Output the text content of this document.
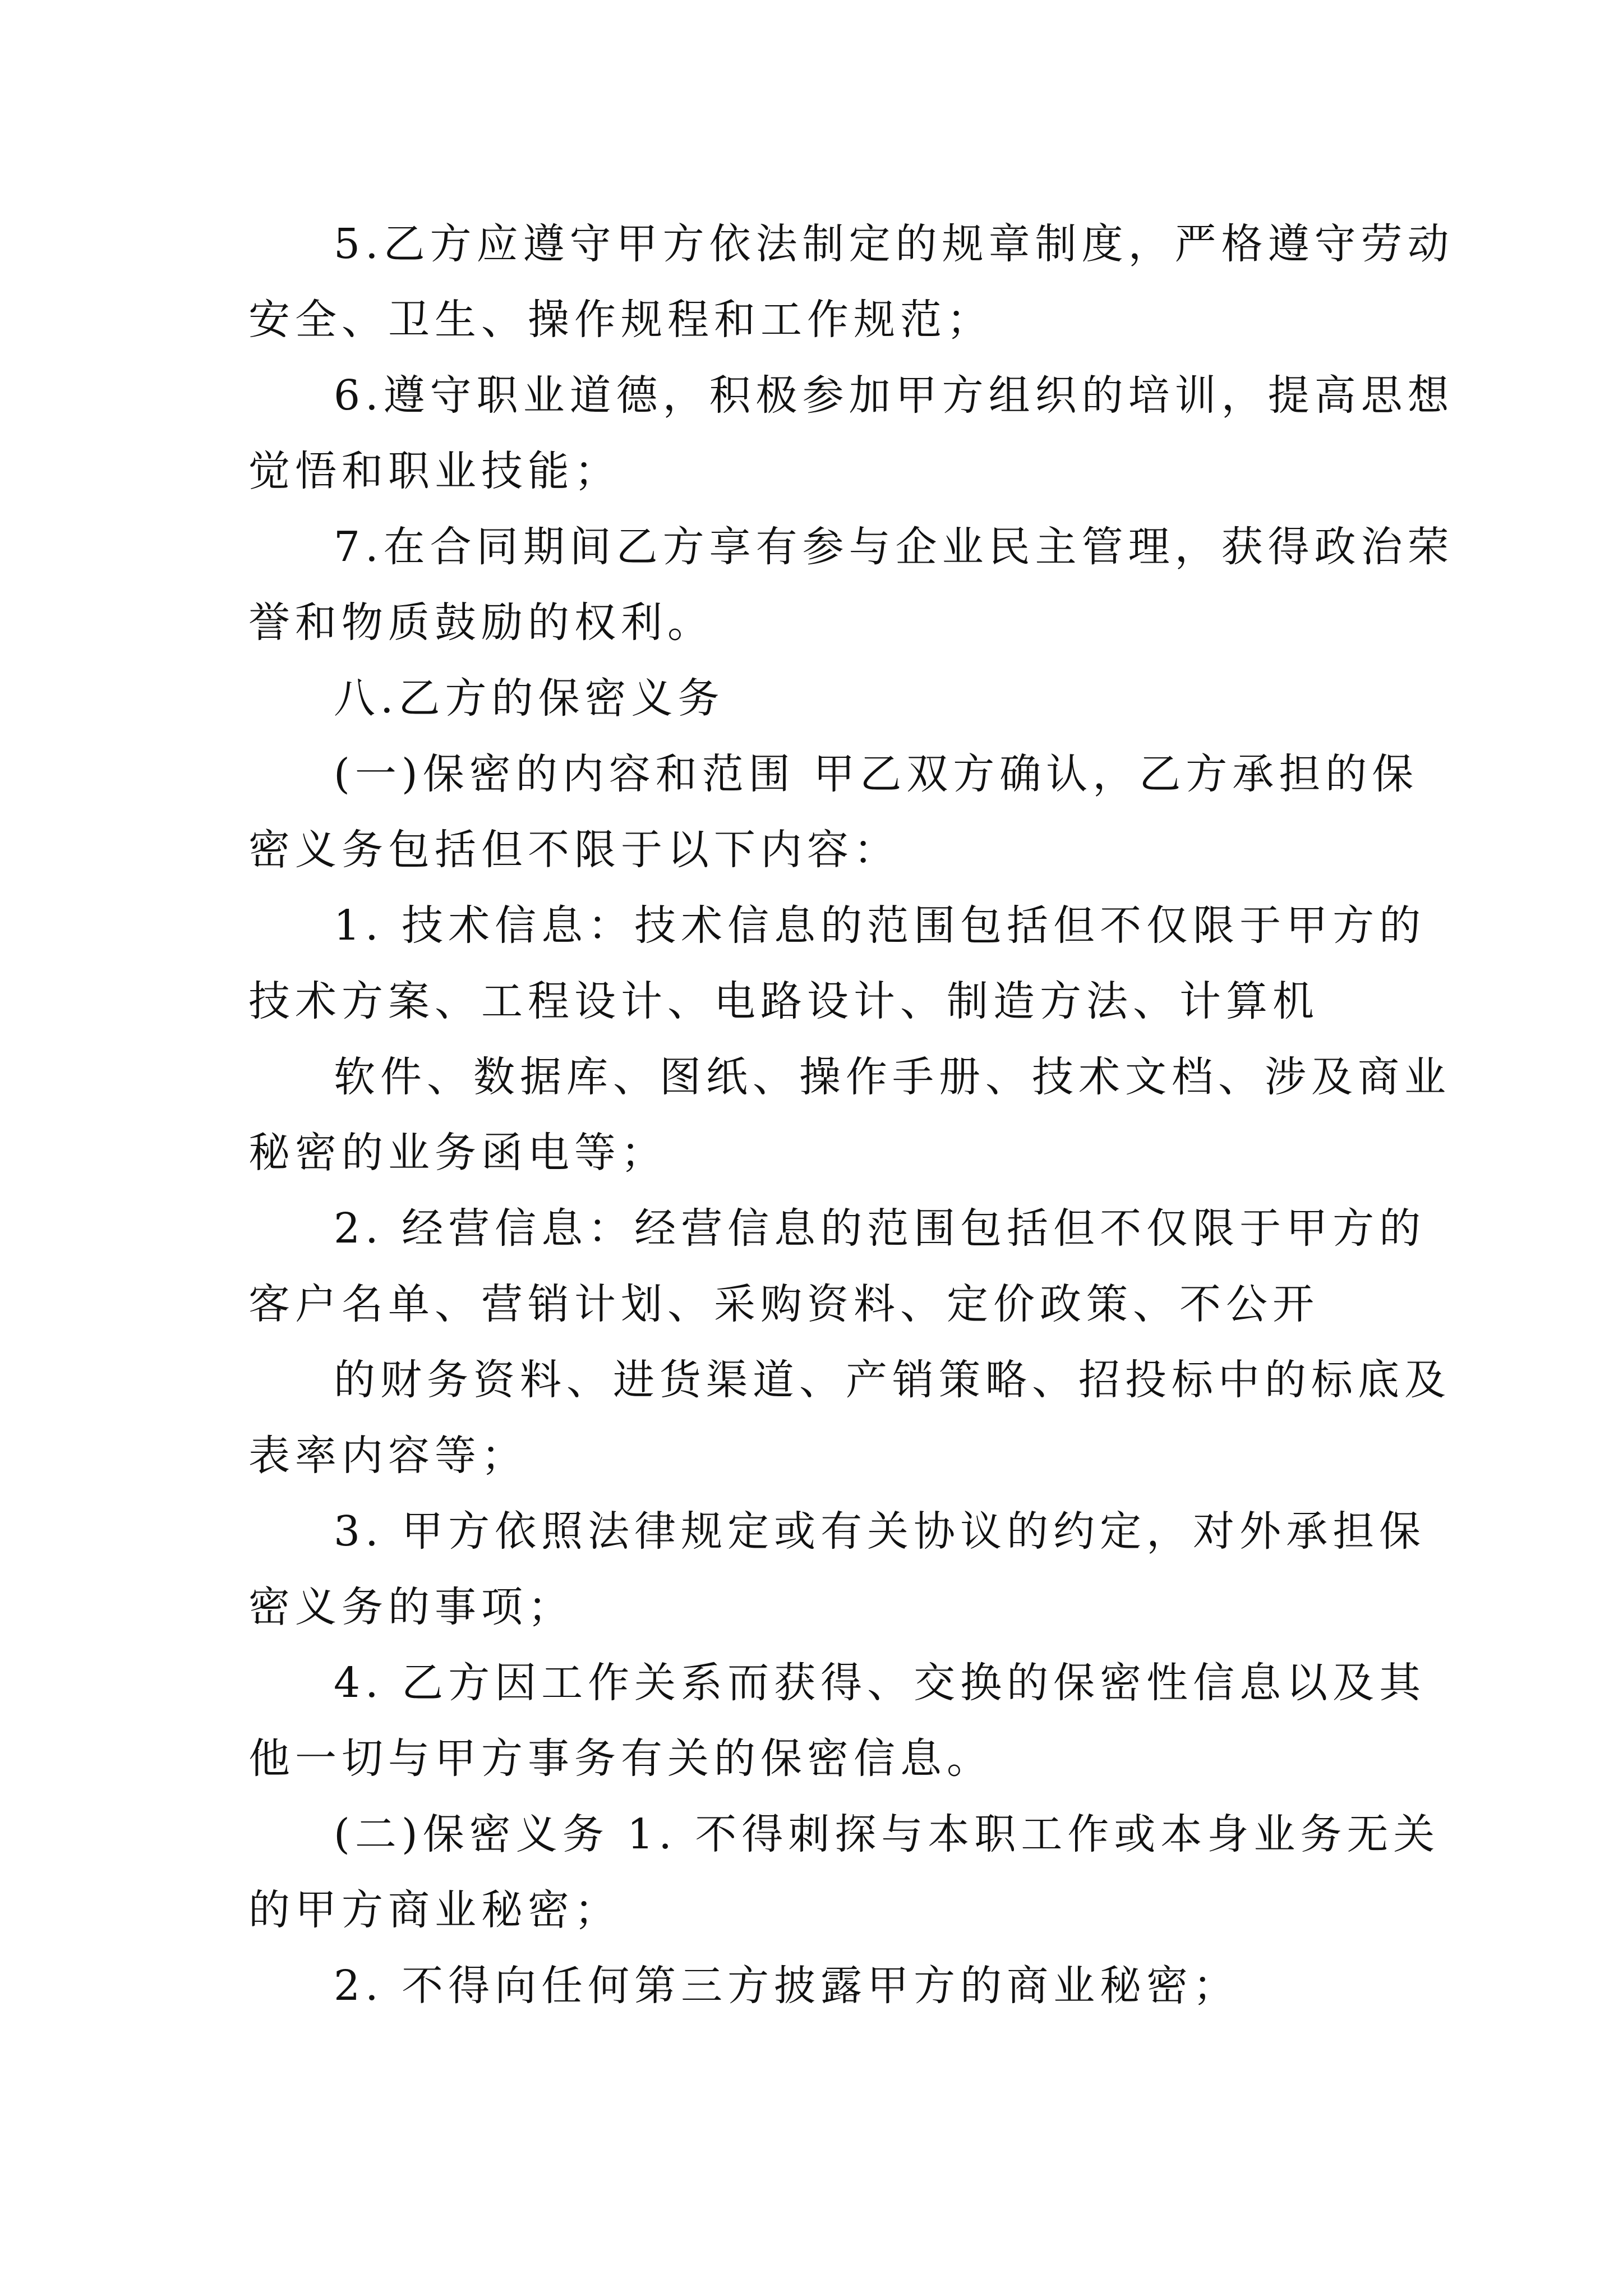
5.乙方应遵守甲方依法制定的规章制度，严格遵守劳动
安全、卫生、操作规程和工作规范；
6.遵守职业道德，积极参加甲方组织的培训，提高思想
觉悟和职业技能；
7.在合同期间乙方享有参与企业民主管理，获得政治荣
誉和物质鼓励的权利。
八.乙方的保密义务
(一)保密的内容和范围 甲乙双方确认，乙方承担的保
密义务包括但不限于以下内容：
1. 技术信息：技术信息的范围包括但不仅限于甲方的
技术方案、工程设计、电路设计、制造方法、计算机
软件、数据库、图纸、操作手册、技术文档、涉及商业
秘密的业务函电等；
2. 经营信息：经营信息的范围包括但不仅限于甲方的
客户名单、营销计划、采购资料、定价政策、不公开
的财务资料、进货渠道、产销策略、招投标中的标底及
表率内容等；
3. 甲方依照法律规定或有关协议的约定，对外承担保
密义务的事项；
4. 乙方因工作关系而获得、交换的保密性信息以及其
他一切与甲方事务有关的保密信息。
(二)保密义务 1. 不得刺探与本职工作或本身业务无关
的甲方商业秘密；
2. 不得向任何第三方披露甲方的商业秘密；
